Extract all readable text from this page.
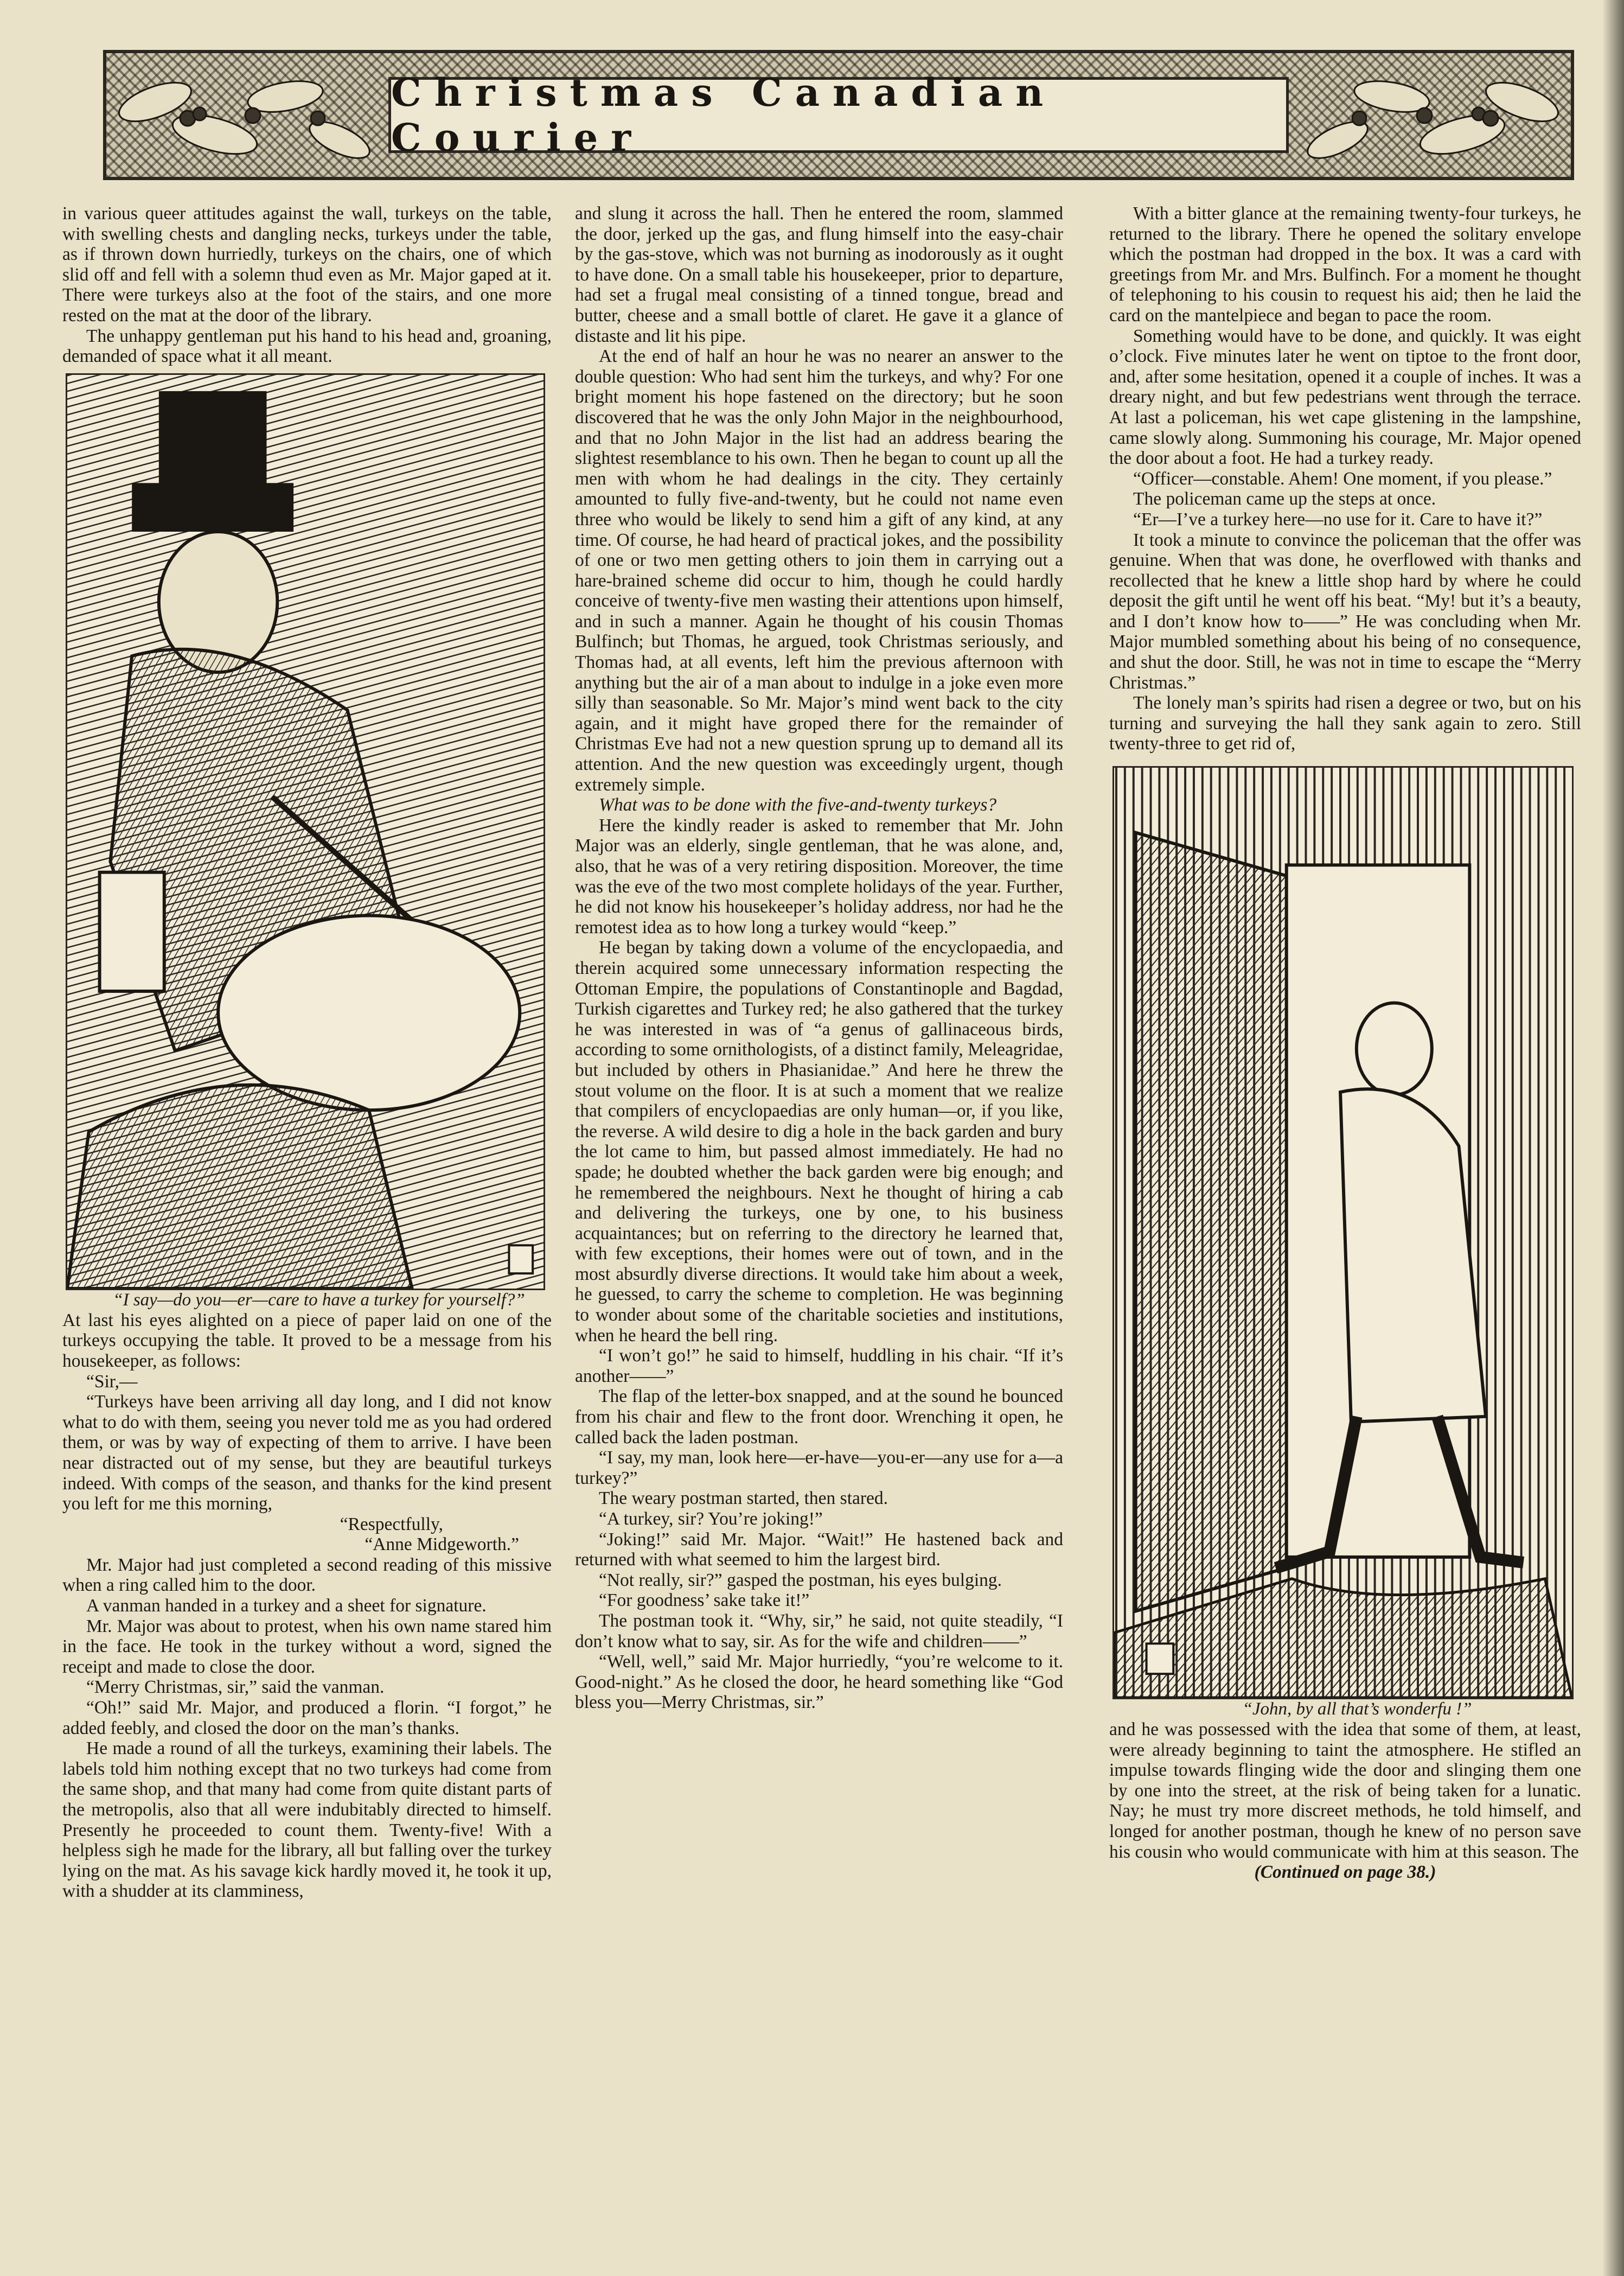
Christmas Canadian Courier

in various queer attitudes against the wall, turkeys on the table, with swelling chests and dangling necks, turkeys under the table, as if thrown down hurriedly, turkeys on the chairs, one of which slid off and fell with a solemn thud even as Mr. Major gaped at it. There were turkeys also at the foot of the stairs, and one more rested on the mat at the door of the library.

The unhappy gentleman put his hand to his head and, groaning, demanded of space what it all meant.

“I say—do you—er—care to have a turkey for yourself?”

At last his eyes alighted on a piece of paper laid on one of the turkeys occupying the table. It proved to be a message from his housekeeper, as follows:

“Sir,—

“Turkeys have been arriving all day long, and I did not know what to do with them, seeing you never told me as you had ordered them, or was by way of expecting of them to arrive. I have been near distracted out of my sense, but they are beautiful turkeys indeed. With comps of the season, and thanks for the kind present you left for me this morning,

“Respectfully,

“Anne Midgeworth.”

Mr. Major had just completed a second reading of this missive when a ring called him to the door.

A vanman handed in a turkey and a sheet for signature.

Mr. Major was about to protest, when his own name stared him in the face. He took in the turkey without a word, signed the receipt and made to close the door.

“Merry Christmas, sir,” said the vanman.

“Oh!” said Mr. Major, and produced a florin. “I forgot,” he added feebly, and closed the door on the man’s thanks.

He made a round of all the turkeys, examining their labels. The labels told him nothing except that no two turkeys had come from the same shop, and that many had come from quite distant parts of the metropolis, also that all were indubitably directed to himself. Presently he proceeded to count them. Twenty-five! With a helpless sigh he made for the library, all but falling over the turkey lying on the mat. As his savage kick hardly moved it, he took it up, with a shudder at its clamminess,

and slung it across the hall. Then he entered the room, slammed the door, jerked up the gas, and flung himself into the easy-chair by the gas-stove, which was not burning as inodorously as it ought to have done. On a small table his housekeeper, prior to departure, had set a frugal meal consisting of a tinned tongue, bread and butter, cheese and a small bottle of claret. He gave it a glance of distaste and lit his pipe.

At the end of half an hour he was no nearer an answer to the double question: Who had sent him the turkeys, and why? For one bright moment his hope fastened on the directory; but he soon discovered that he was the only John Major in the neighbourhood, and that no John Major in the list had an address bearing the slightest resemblance to his own. Then he began to count up all the men with whom he had dealings in the city. They certainly amounted to fully five-and-twenty, but he could not name even three who would be likely to send him a gift of any kind, at any time. Of course, he had heard of practical jokes, and the possibility of one or two men getting others to join them in carrying out a hare-brained scheme did occur to him, though he could hardly conceive of twenty-five men wasting their attentions upon himself, and in such a manner. Again he thought of his cousin Thomas Bulfinch; but Thomas, he argued, took Christmas seriously, and Thomas had, at all events, left him the previous afternoon with anything but the air of a man about to indulge in a joke even more silly than seasonable. So Mr. Major’s mind went back to the city again, and it might have groped there for the remainder of Christmas Eve had not a new question sprung up to demand all its attention. And the new question was exceedingly urgent, though extremely simple.

What was to be done with the five-and-twenty turkeys?

Here the kindly reader is asked to remember that Mr. John Major was an elderly, single gentleman, that he was alone, and, also, that he was of a very retiring disposition. Moreover, the time was the eve of the two most complete holidays of the year. Further, he did not know his housekeeper’s holiday address, nor had he the remotest idea as to how long a turkey would “keep.”

He began by taking down a volume of the encyclopaedia, and therein acquired some unnecessary information respecting the Ottoman Empire, the populations of Constantinople and Bagdad, Turkish cigarettes and Turkey red; he also gathered that the turkey he was interested in was of “a genus of gallinaceous birds, according to some ornithologists, of a distinct family, Meleagridae, but included by others in Phasianidae.” And here he threw the stout volume on the floor. It is at such a moment that we realize that compilers of encyclopaedias are only human—or, if you like, the reverse. A wild desire to dig a hole in the back garden and bury the lot came to him, but passed almost immediately. He had no spade; he doubted whether the back garden were big enough; and he remembered the neighbours. Next he thought of hiring a cab and delivering the turkeys, one by one, to his business acquaintances; but on referring to the directory he learned that, with few exceptions, their homes were out of town, and in the most absurdly diverse directions. It would take him about a week, he guessed, to carry the scheme to completion. He was beginning to wonder about some of the charitable societies and institutions, when he heard the bell ring.

“I won’t go!” he said to himself, huddling in his chair. “If it’s another——”

The flap of the letter-box snapped, and at the sound he bounced from his chair and flew to the front door. Wrenching it open, he called back the laden postman.

“I say, my man, look here—er-have—you-er—any use for a—a turkey?”

The weary postman started, then stared.

“A turkey, sir? You’re joking!”

“Joking!” said Mr. Major. “Wait!” He hastened back and returned with what seemed to him the largest bird.

“Not really, sir?” gasped the postman, his eyes bulging.

“For goodness’ sake take it!”

The postman took it. “Why, sir,” he said, not quite steadily, “I don’t know what to say, sir. As for the wife and children——”

“Well, well,” said Mr. Major hurriedly, “you’re welcome to it. Good-night.” As he closed the door, he heard something like “God bless you—Merry Christmas, sir.”

With a bitter glance at the remaining twenty-four turkeys, he returned to the library. There he opened the solitary envelope which the postman had dropped in the box. It was a card with greetings from Mr. and Mrs. Bulfinch. For a moment he thought of telephoning to his cousin to request his aid; then he laid the card on the mantelpiece and began to pace the room.

Something would have to be done, and quickly. It was eight o’clock. Five minutes later he went on tiptoe to the front door, and, after some hesitation, opened it a couple of inches. It was a dreary night, and but few pedestrians went through the terrace. At last a policeman, his wet cape glistening in the lampshine, came slowly along. Summoning his courage, Mr. Major opened the door about a foot. He had a turkey ready.

“Officer—constable. Ahem! One moment, if you please.”

The policeman came up the steps at once.

“Er—I’ve a turkey here—no use for it. Care to have it?”

It took a minute to convince the policeman that the offer was genuine. When that was done, he overflowed with thanks and recollected that he knew a little shop hard by where he could deposit the gift until he went off his beat. “My! but it’s a beauty, and I don’t know how to——” He was concluding when Mr. Major mumbled something about his being of no consequence, and shut the door. Still, he was not in time to escape the “Merry Christmas.”

The lonely man’s spirits had risen a degree or two, but on his turning and surveying the hall they sank again to zero. Still twenty-three to get rid of,

“John, by all that’s wonderfu !”

and he was possessed with the idea that some of them, at least, were already beginning to taint the atmosphere. He stifled an impulse towards flinging wide the door and slinging them one by one into the street, at the risk of being taken for a lunatic. Nay; he must try more discreet methods, he told himself, and longed for another postman, though he knew of no person save his cousin who would communicate with him at this season. The

(Continued on page 38.)
